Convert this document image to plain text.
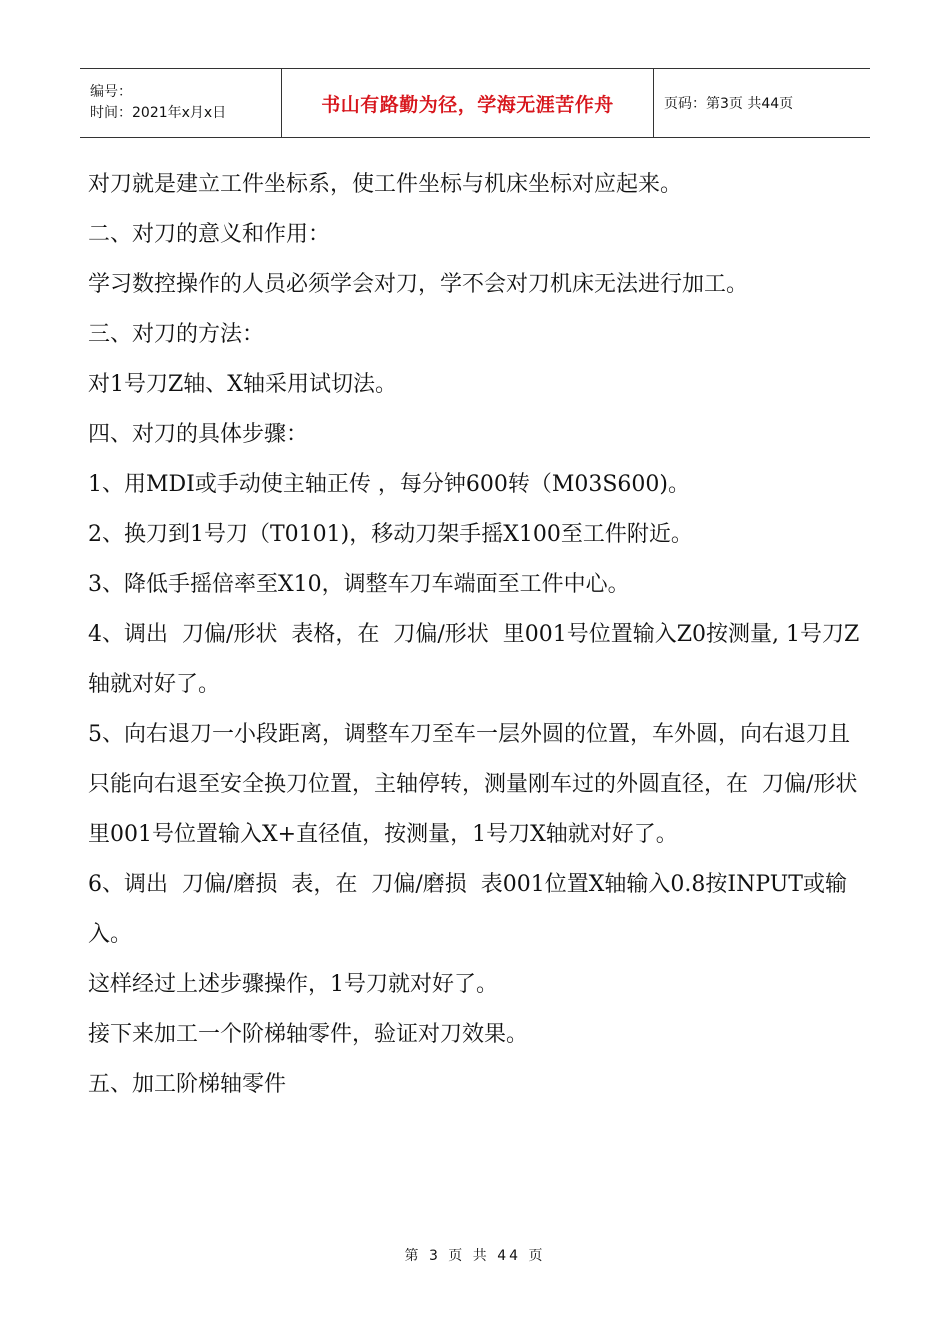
编号：
时间：2021年x月x日	书山有路勤为径，学海无涯苦作舟	页码：第3页 共44页

对刀就是建立工件坐标系，使工件坐标与机床坐标对应起来。

二、对刀的意义和作用：

学习数控操作的人员必须学会对刀，学不会对刀机床无法进行加工。

三、对刀的方法：

对1号刀Z轴、X轴采用试切法。

四、对刀的具体步骤：

1、用MDI或手动使主轴正传 ，每分钟600转（M03S600)。

2、换刀到1号刀（T0101)，移动刀架手摇X100至工件附近。

3、降低手摇倍率至X10，调整车刀车端面至工件中心。

4、调出  刀偏/形状  表格，在  刀偏/形状  里001号位置输入Z0按测量, 1号刀Z轴就对好了。

5、向右退刀一小段距离，调整车刀至车一层外圆的位置，车外圆，向右退刀且只能向右退至安全换刀位置，主轴停转，测量刚车过的外圆直径，在  刀偏/形状  里001号位置输入X+直径值，按测量，1号刀X轴就对好了。

6、调出  刀偏/磨损  表，在  刀偏/磨损  表001位置X轴输入0.8按INPUT或输入。

这样经过上述步骤操作，1号刀就对好了。

接下来加工一个阶梯轴零件，验证对刀效果。

五、加工阶梯轴零件

第 3 页 共 44 页
